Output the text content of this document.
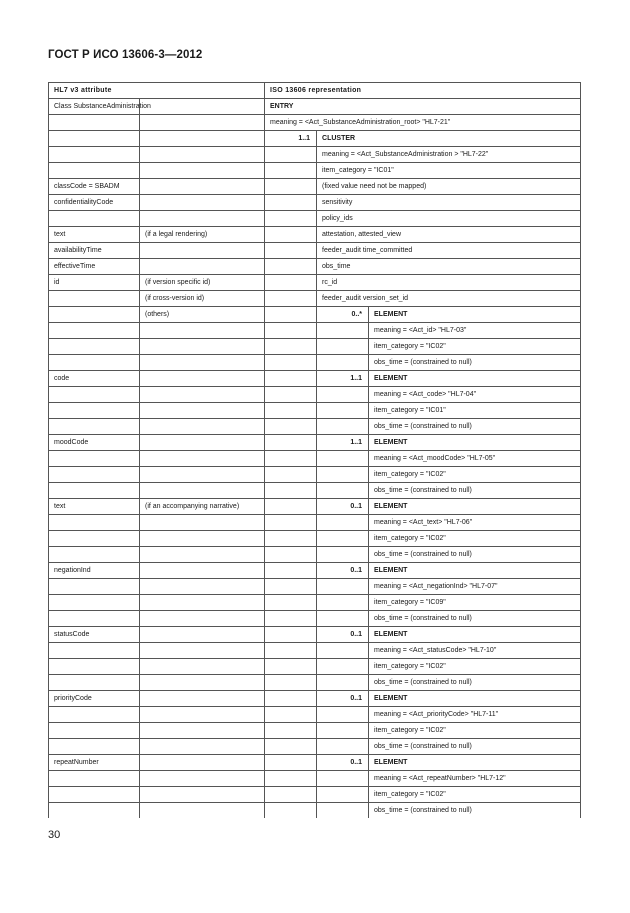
ГОСТ Р ИСО 13606-3—2012
HL7 v3 attribute		ISO 13606 representation		
Class SubstanceAdministration		ENTRY		
		meaning = <Act_SubstanceAdministration_root> "HL7-21"		
		1..1	CLUSTER	
			meaning = <Act_SubstanceAdministration > "HL7-22"	
			item_category = "IC01"	
classCode = SBADM			(fixed value need not be mapped)	
confidentialityCode			sensitivity	
			policy_ids	
text	(if a legal rendering)		attestation, attested_view	
availabilityTime			feeder_audit time_committed	
effectiveTime			obs_time	
id	(if version specific id)		rc_id	
	(if cross-version id)		feeder_audit version_set_id	
	(others)		0..*	ELEMENT
				meaning = <Act_id> "HL7-03"
				item_category = "IC02"
				obs_time = (constrained to null)
code			1..1	ELEMENT
				meaning = <Act_code> "HL7-04"
				item_category = "IC01"
				obs_time = (constrained to null)
moodCode			1..1	ELEMENT
				meaning = <Act_moodCode> "HL7-05"
				item_category = "IC02"
				obs_time = (constrained to null)
text	(if an accompanying narrative)		0..1	ELEMENT
				meaning = <Act_text> "HL7-06"
				item_category = "IC02"
				obs_time = (constrained to null)
negationInd			0..1	ELEMENT
				meaning = <Act_negationInd> "HL7-07"
				item_category = "IC09"
				obs_time = (constrained to null)
statusCode			0..1	ELEMENT
				meaning = <Act_statusCode> "HL7-10"
				item_category = "IC02"
				obs_time = (constrained to null)
priorityCode			0..1	ELEMENT
				meaning = <Act_priorityCode> "HL7-11"
				item_category = "IC02"
				obs_time = (constrained to null)
repeatNumber			0..1	ELEMENT
				meaning = <Act_repeatNumber> "HL7-12"
				item_category = "IC02"
				obs_time = (constrained to null)
30
